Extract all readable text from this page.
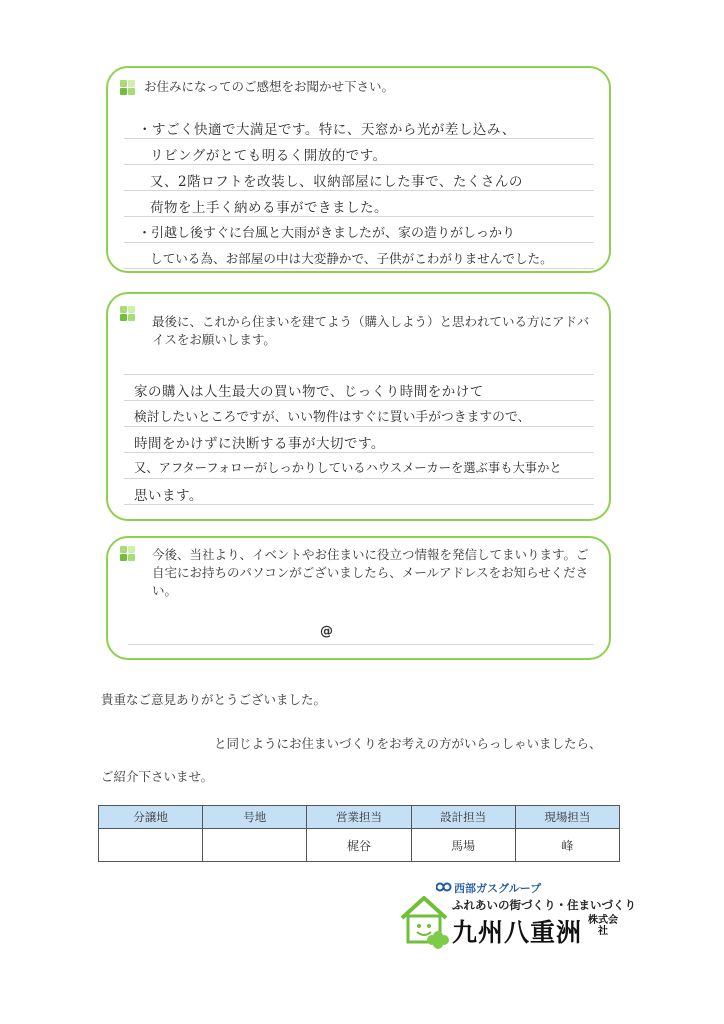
お住みになってのご感想をお聞かせ下さい。
・すごく快適で大満足です。特に、天窓から光が差し込み、
リビングがとても明るく開放的です。
又、2階ロフトを改装し、収納部屋にした事で、たくさんの
荷物を上手く納める事ができました。
・引越し後すぐに台風と大雨がきましたが、家の造りがしっかり
している為、お部屋の中は大変静かで、子供がこわがりませんでした。
最後に、これから住まいを建てよう（購入しよう）と思われている方にアドバイスをお願いします。
家の購入は人生最大の買い物で、じっくり時間をかけて
検討したいところですが、いい物件はすぐに買い手がつきますので、
時間をかけずに決断する事が大切です。
又、アフターフォローがしっかりしているハウスメーカーを選ぶ事も大事かと
思います。
今後、当社より、イベントやお住まいに役立つ情報を発信してまいります。ご自宅にお持ちのパソコンがございましたら、メールアドレスをお知らせください。
@
貴重なご意見ありがとうございました。
と同じようにお住まいづくりをお考えの方がいらっしゃいましたら、
ご紹介下さいませ。
分譲地	号地	営業担当	設計担当	現場担当
		梶谷	馬場	峰
西部ガスグループ
ふれあいの街づくり・住まいづくり
九州八重洲 株式会社
